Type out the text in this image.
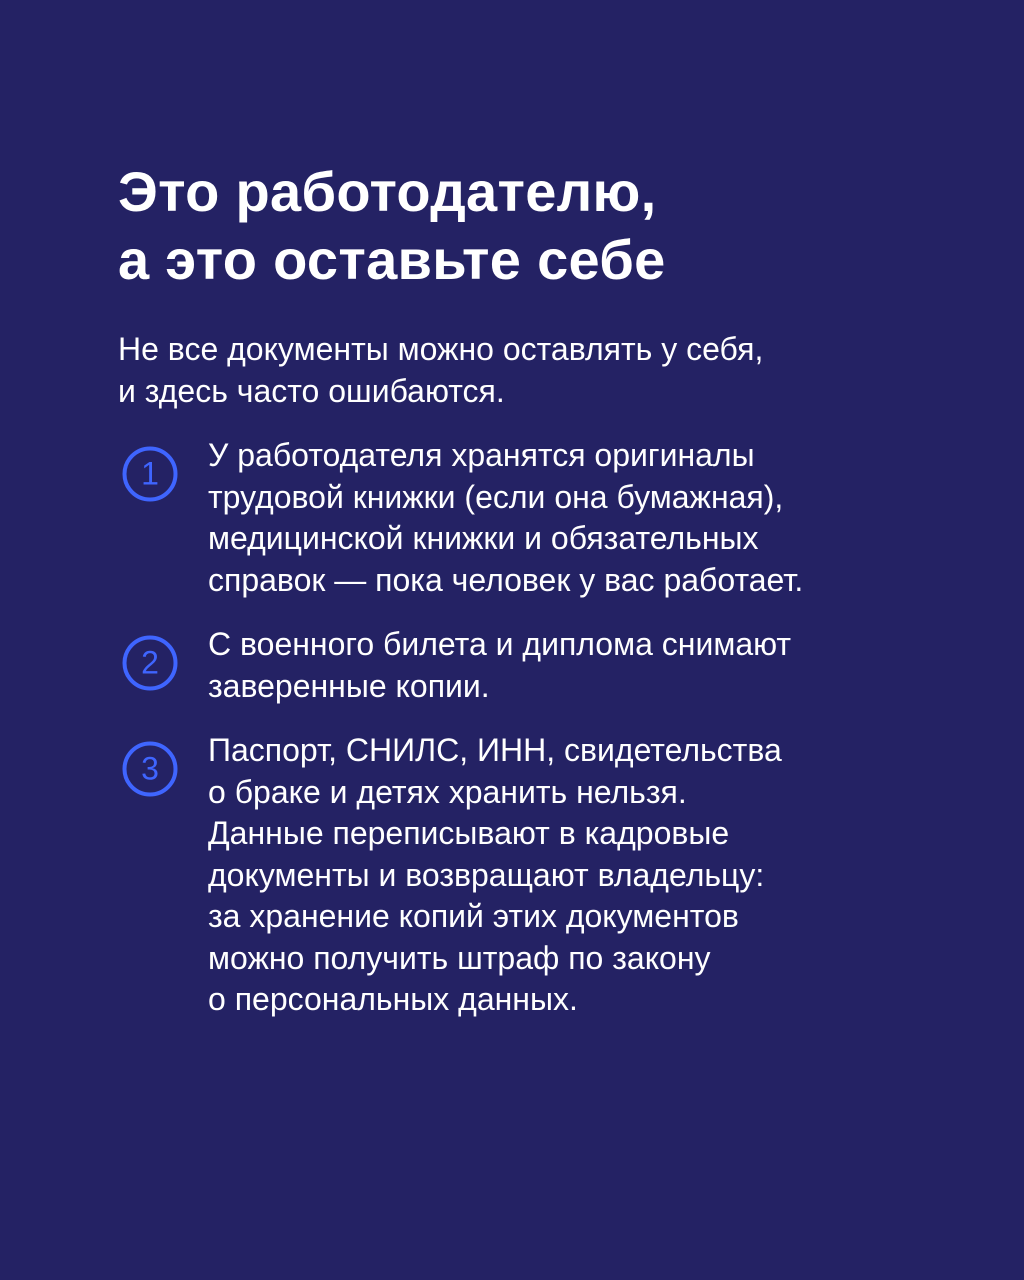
Это работодателю,
а это оставьте себе

Не все документы можно оставлять у себя,
и здесь часто ошибаются.

1

У работодателя хранятся оригиналы
трудовой книжки (если она бумажная),
медицинской книжки и обязательных
справок — пока человек у вас работает.

2

С военного билета и диплома снимают
заверенные копии.

3

Паспорт, СНИЛС, ИНН, свидетельства
о браке и детях хранить нельзя.
Данные переписывают в кадровые
документы и возвращают владельцу:
за хранение копий этих документов
можно получить штраф по закону
о персональных данных.
